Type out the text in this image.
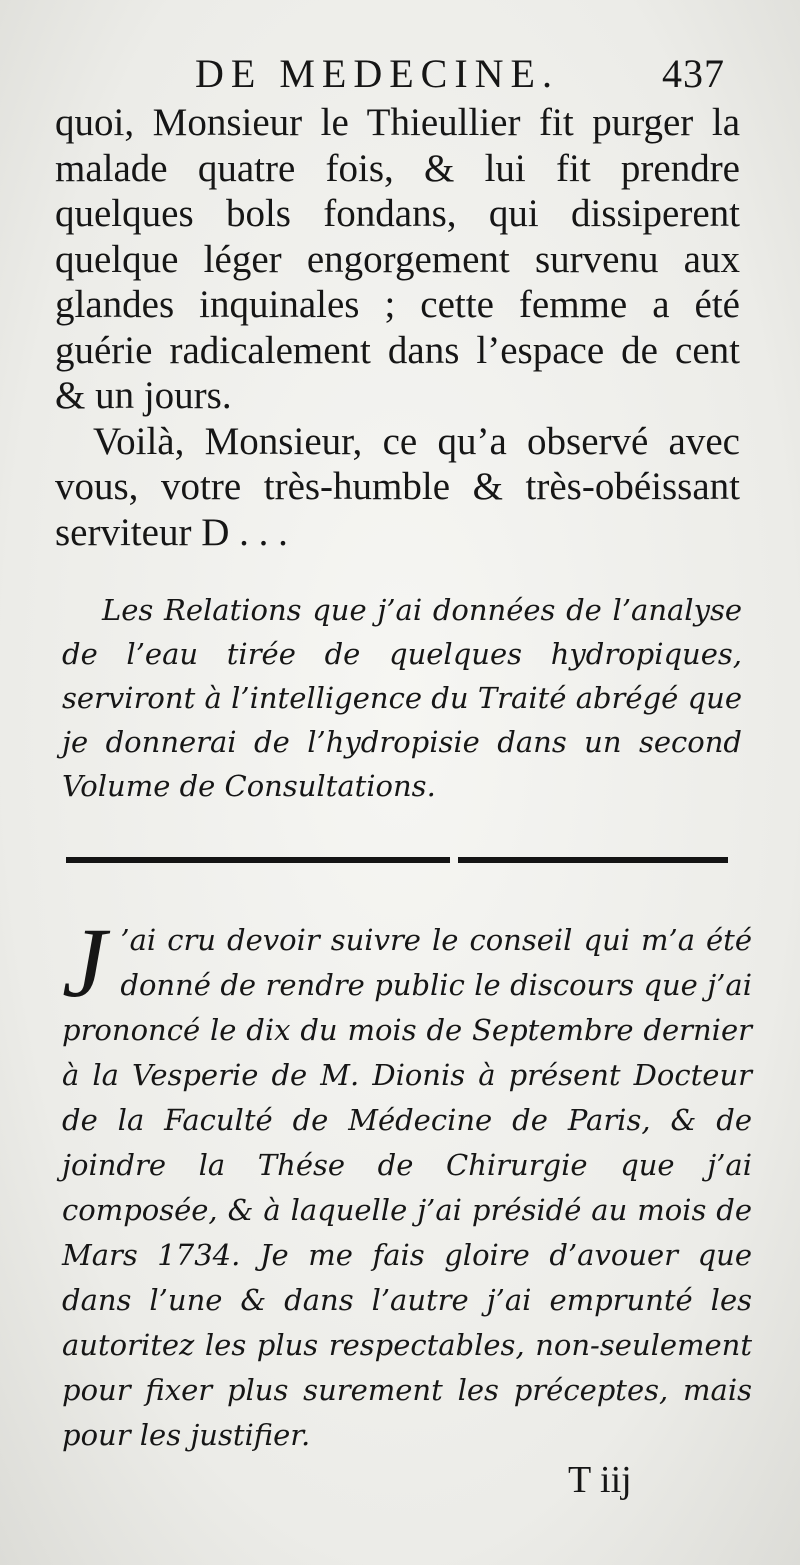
DE MEDECINE.	437

quoi, Monsieur le Thieullier fit purger la malade quatre fois, & lui fit prendre quelques bols fondans, qui dissiperent quelque léger engorgement survenu aux glandes inquinales ; cette femme a été guérie radicalement dans l’espace de cent & un jours.

Voilà, Monsieur, ce qu’a observé avec vous, votre très-humble & très-obéissant serviteur D . . .

Les Relations que j’ai données de l’analyse de l’eau tirée de quelques hydropiques, serviront à l’intelligence du Traité abrégé que je donnerai de l’hydropisie dans un second Volume de Consultations.

J ’ai cru devoir suivre le conseil qui m’a été donné de rendre public le discours que j’ai prononcé le dix du mois de Septembre dernier à la Vesperie de M. Dionis à présent Docteur de la Faculté de Médecine de Paris, & de joindre la Thése de Chirurgie que j’ai composée, & à laquelle j’ai présidé au mois de Mars 1734. Je me fais gloire d’avouer que dans l’une & dans l’autre j’ai emprunté les autoritez les plus respectables, non-seulement pour fixer plus surement les préceptes, mais pour les justifier.

T iij
